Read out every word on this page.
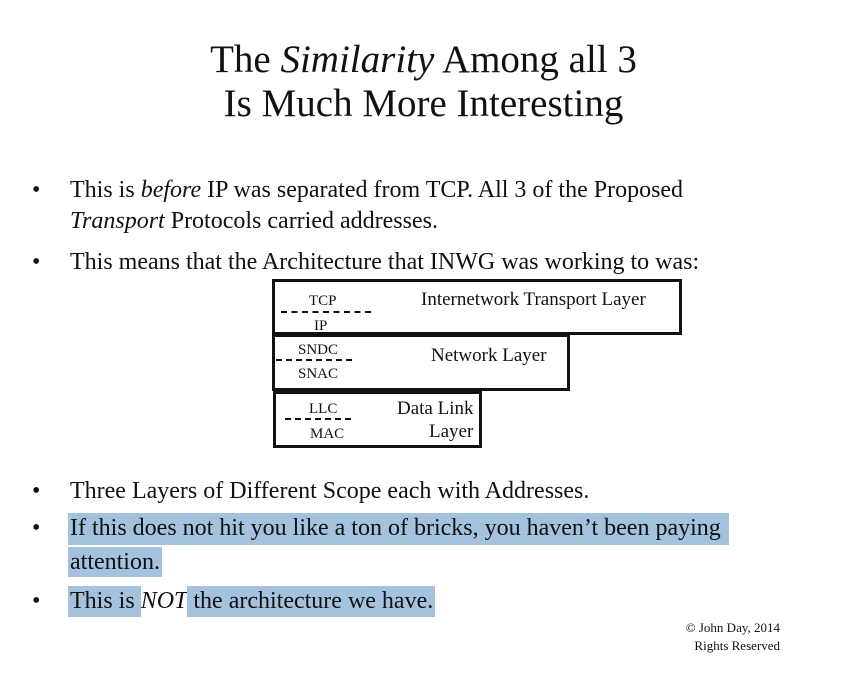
The Similarity Among all 3
Is Much More Interesting
• This is before IP was separated from TCP. All 3 of the Proposed
Transport Protocols carried addresses.
• This means that the Architecture that INWG was working to was:
Internetwork Transport Layer
Network Layer
Data Link
Layer
TCP
IP
SNDC
SNAC
LLC
MAC
• Three Layers of Different Scope each with Addresses.
• If this does not hit you like a ton of bricks, you haven’t been paying
attention.
• This is NOT the architecture we have.
© John Day, 2014
Rights Reserved
